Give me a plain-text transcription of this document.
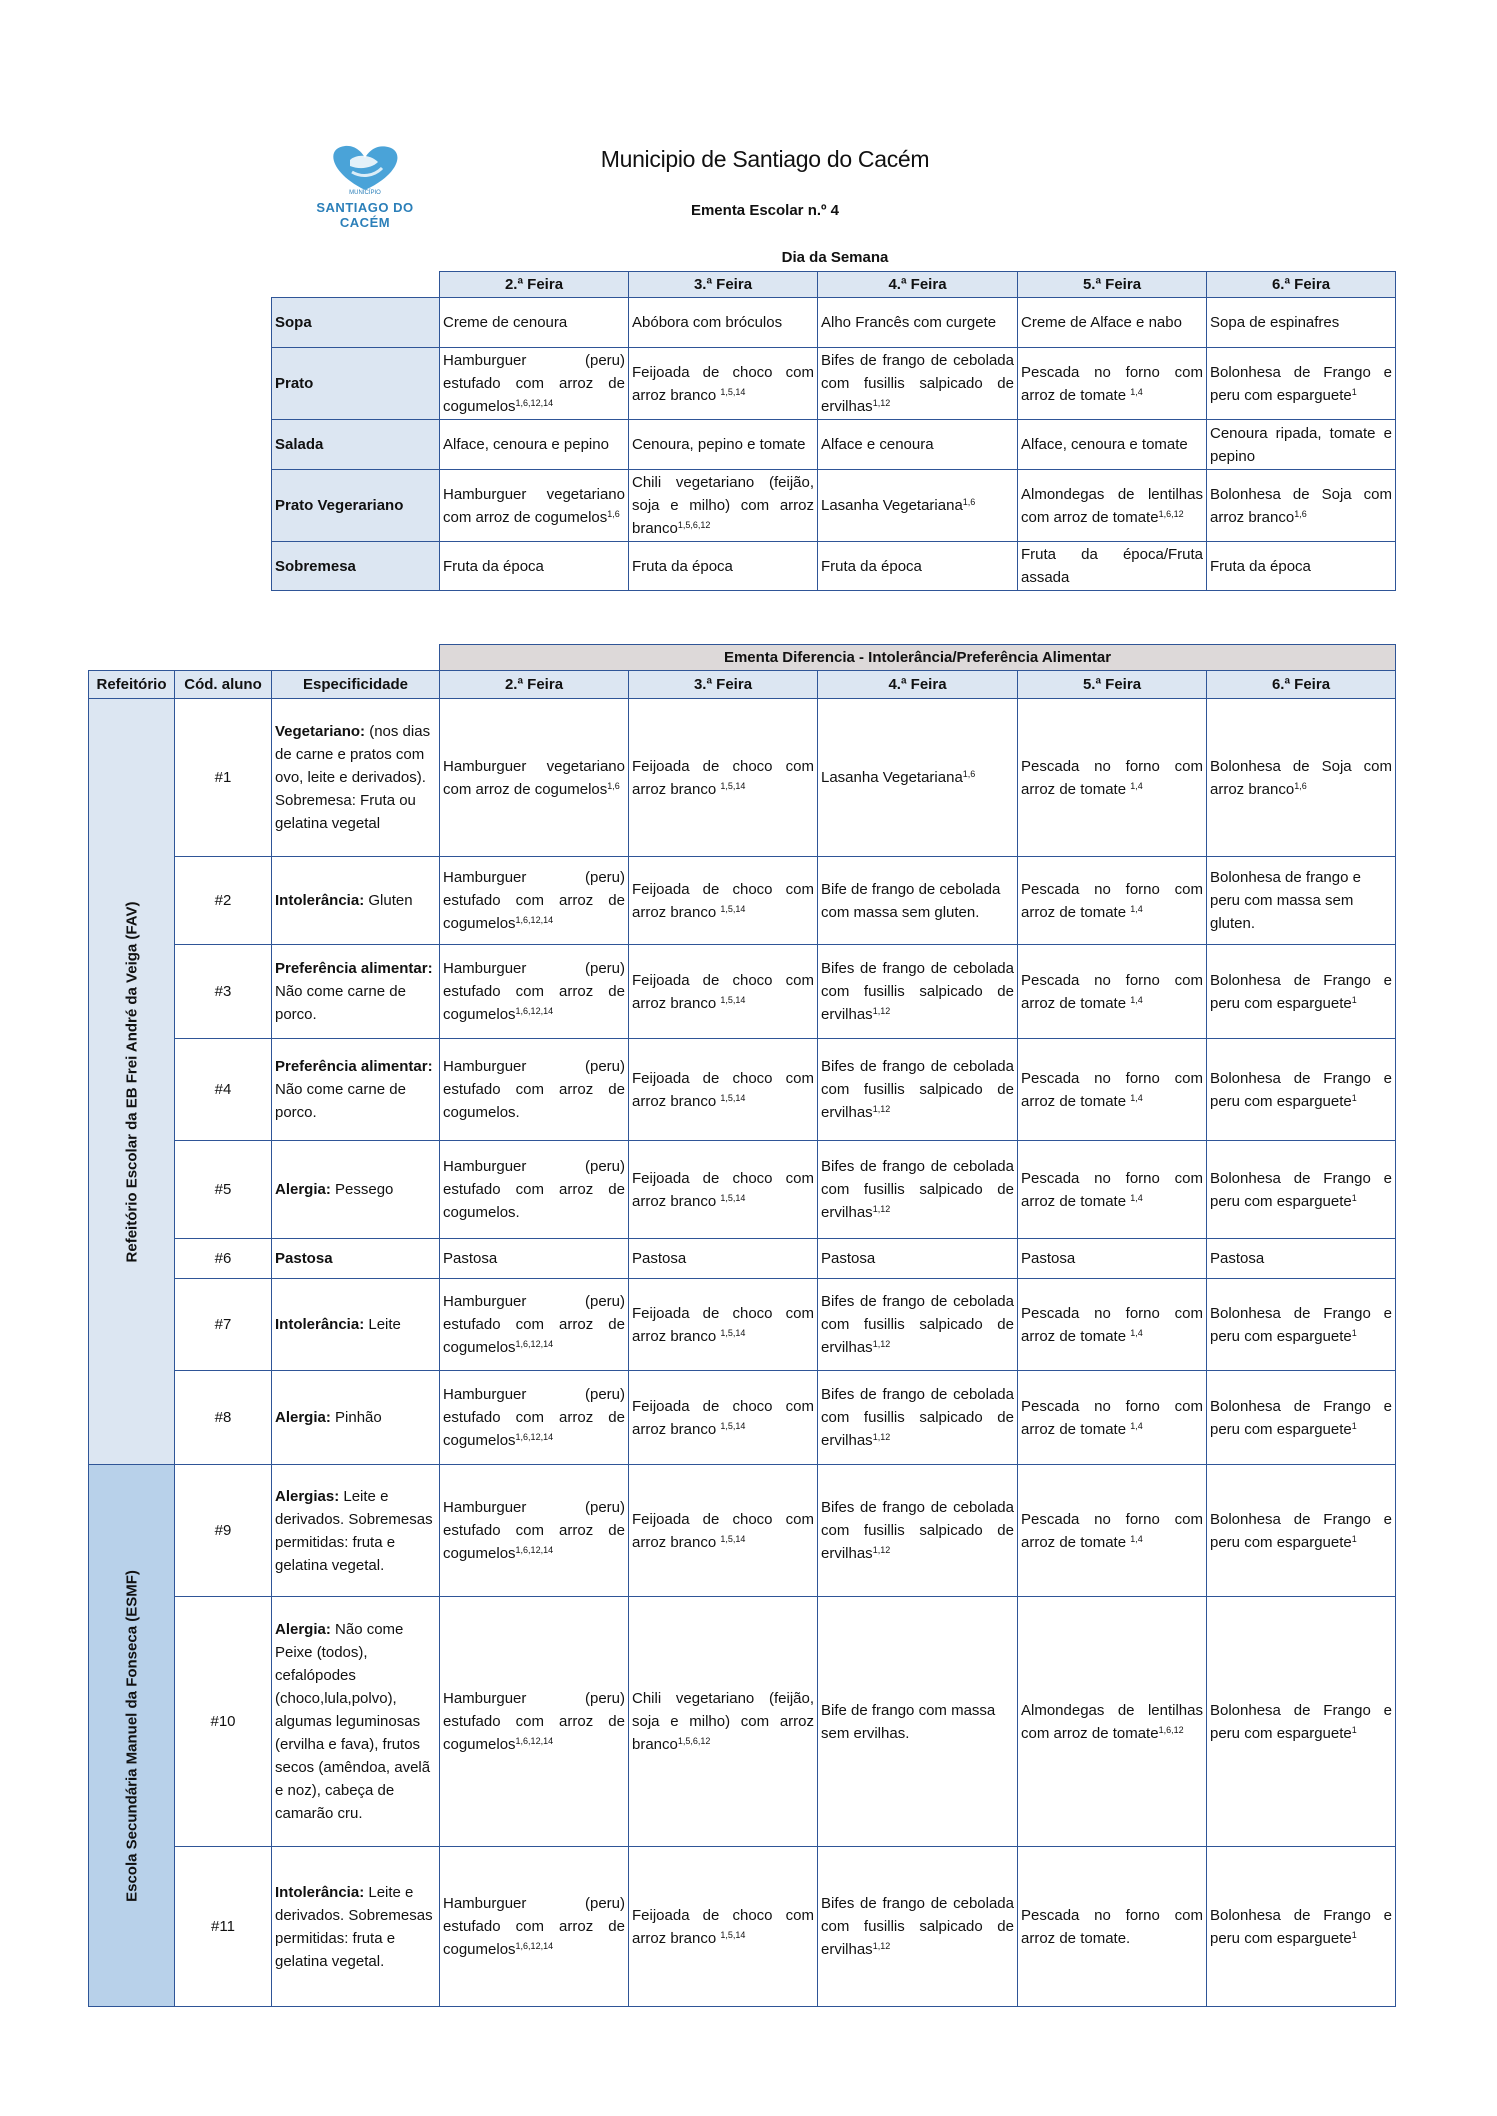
MUNICÍPIO
SANTIAGO DO CACÉM
Municipio de Santiago do Cacém
Ementa Escolar n.º 4
Dia da Semana
	2.ª Feira	3.ª Feira	4.ª Feira	5.ª Feira	6.ª Feira
Sopa	Creme de cenoura	Abóbora com bróculos	Alho Francês com curgete	Creme de Alface e nabo	Sopa de espinafres
Prato	Hamburguer (peru) estufado com arroz de cogumelos$^{1,6,12,14}$	Feijoada de choco com arroz branco $^{1,5,14}$	Bifes de frango de cebolada com fusillis salpicado de ervilhas$^{1,12}$	Pescada no forno com arroz de tomate $^{1,4}$	Bolonhesa de Frango e peru com esparguete$^1$
Salada	Alface, cenoura e pepino	Cenoura, pepino e tomate	Alface e cenoura	Alface, cenoura e tomate	Cenoura ripada, tomate e pepino
Prato Vegerariano	Hamburguer vegetariano com arroz de cogumelos$^{1,6}$	Chili vegetariano (feijão, soja e milho) com arroz branco$^{1,5,6,12}$	Lasanha Vegetariana$^{1,6}$	Almondegas de lentilhas com arroz de tomate$^{1,6,12}$	Bolonhesa de Soja com arroz branco$^{1,6}$
Sobremesa	Fruta da época	Fruta da época	Fruta da época	Fruta da época/Fruta assada	Fruta da época
			Ementa Diferencia - Intolerância/Preferência Alimentar				
Refeitório	Cód. aluno	Especificidade	2.ª Feira	3.ª Feira	4.ª Feira	5.ª Feira	6.ª Feira

Refeitório Escolar da EB Frei André da Veiga (FAV)	#1	Vegetariano: (nos dias de carne e pratos com ovo, leite e derivados). Sobremesa: Fruta ou gelatina vegetal	Hamburguer vegetariano com arroz de cogumelos$^{1,6}$	Feijoada de choco com arroz branco $^{1,5,14}$	Lasanha Vegetariana$^{1,6}$	Pescada no forno com arroz de tomate $^{1,4}$	Bolonhesa de Soja com arroz branco$^{1,6}$
	#2	Intolerância: Gluten	Hamburguer (peru) estufado com arroz de cogumelos$^{1,6,12,14}$	Feijoada de choco com arroz branco $^{1,5,14}$	Bife de frango de cebolada com massa sem gluten.	Pescada no forno com arroz de tomate $^{1,4}$	Bolonhesa de frango e peru com massa sem gluten.
	#3	Preferência alimentar: Não come carne de porco.	Hamburguer (peru) estufado com arroz de cogumelos$^{1,6,12,14}$	Feijoada de choco com arroz branco $^{1,5,14}$	Bifes de frango de cebolada com fusillis salpicado de ervilhas$^{1,12}$	Pescada no forno com arroz de tomate $^{1,4}$	Bolonhesa de Frango e peru com esparguete$^1$
	#4	Preferência alimentar: Não come carne de porco.	Hamburguer (peru) estufado com arroz de cogumelos.	Feijoada de choco com arroz branco $^{1,5,14}$	Bifes de frango de cebolada com fusillis salpicado de ervilhas$^{1,12}$	Pescada no forno com arroz de tomate $^{1,4}$	Bolonhesa de Frango e peru com esparguete$^1$
	#5	Alergia: Pessego	Hamburguer (peru) estufado com arroz de cogumelos.	Feijoada de choco com arroz branco $^{1,5,14}$	Bifes de frango de cebolada com fusillis salpicado de ervilhas$^{1,12}$	Pescada no forno com arroz de tomate $^{1,4}$	Bolonhesa de Frango e peru com esparguete$^1$
	#6	Pastosa	Pastosa	Pastosa	Pastosa	Pastosa	Pastosa
	#7	Intolerância: Leite	Hamburguer (peru) estufado com arroz de cogumelos$^{1,6,12,14}$	Feijoada de choco com arroz branco $^{1,5,14}$	Bifes de frango de cebolada com fusillis salpicado de ervilhas$^{1,12}$	Pescada no forno com arroz de tomate $^{1,4}$	Bolonhesa de Frango e peru com esparguete$^1$
	#8	Alergia: Pinhão	Hamburguer (peru) estufado com arroz de cogumelos$^{1,6,12,14}$	Feijoada de choco com arroz branco $^{1,5,14}$	Bifes de frango de cebolada com fusillis salpicado de ervilhas$^{1,12}$	Pescada no forno com arroz de tomate $^{1,4}$	Bolonhesa de Frango e peru com esparguete$^1$

Escola Secundária Manuel da Fonseca (ESMF)	#9	Alergias: Leite e derivados. Sobremesas permitidas: fruta e gelatina vegetal.	Hamburguer (peru) estufado com arroz de cogumelos$^{1,6,12,14}$	Feijoada de choco com arroz branco $^{1,5,14}$	Bifes de frango de cebolada com fusillis salpicado de ervilhas$^{1,12}$	Pescada no forno com arroz de tomate $^{1,4}$	Bolonhesa de Frango e peru com esparguete$^1$
	#10	Alergia: Não come Peixe (todos), cefalópodes (choco,lula,polvo), algumas leguminosas (ervilha e fava), frutos secos (amêndoa, avelã e noz), cabeça de camarão cru.	Hamburguer (peru) estufado com arroz de cogumelos$^{1,6,12,14}$	Chili vegetariano (feijão, soja e milho) com arroz branco$^{1,5,6,12}$	Bife de frango com massa sem ervilhas.	Almondegas de lentilhas com arroz de tomate$^{1,6,12}$	Bolonhesa de Frango e peru com esparguete$^1$
	#11	Intolerância: Leite e derivados. Sobremesas permitidas: fruta e gelatina vegetal.	Hamburguer (peru) estufado com arroz de cogumelos$^{1,6,12,14}$	Feijoada de choco com arroz branco $^{1,5,14}$	Bifes de frango de cebolada com fusillis salpicado de ervilhas$^{1,12}$	Pescada no forno com arroz de tomate.	Bolonhesa de Frango e peru com esparguete$^1$
